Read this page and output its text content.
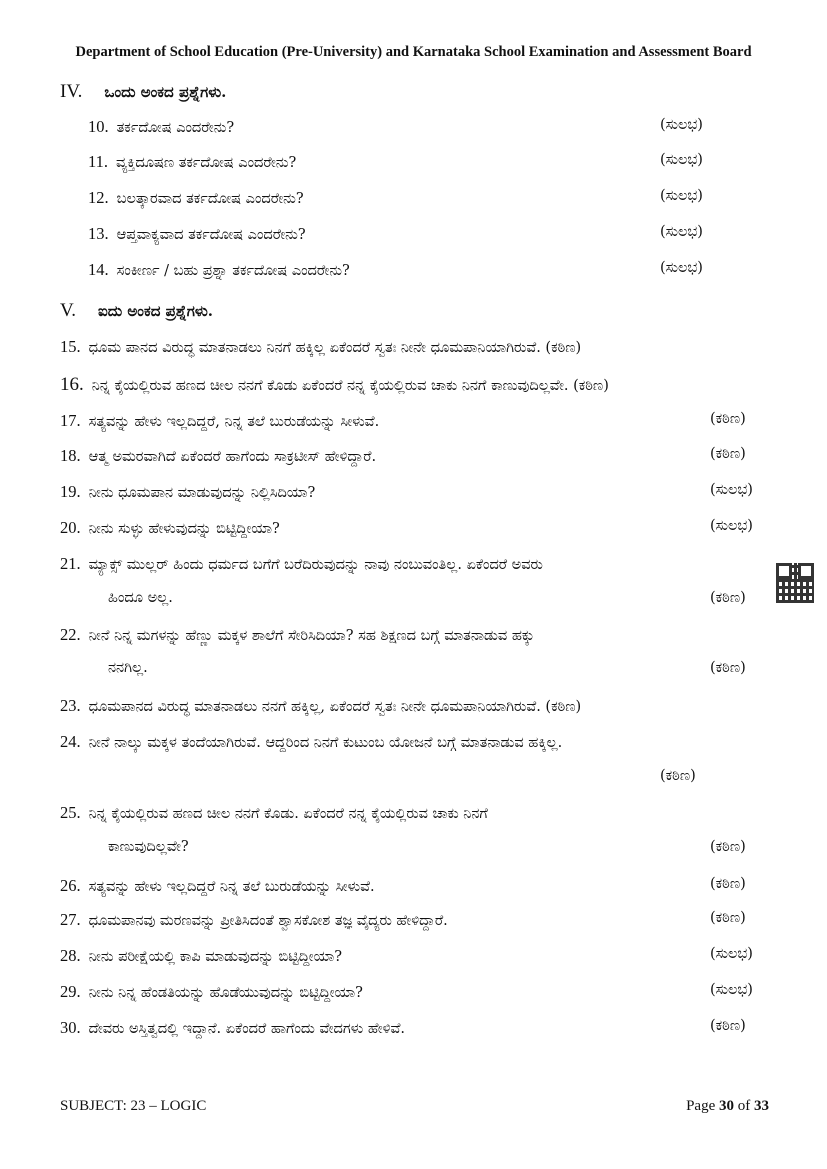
Department of School Education (Pre-University) and Karnataka School Examination and Assessment Board
IV. ಒಂದು ಅಂಕದ ಪ್ರಶ್ನೆಗಳು.
10. ತರ್ಕದೋಷ ಎಂದರೇನು?	(ಸುಲಭ)
11. ವ್ಯಕ್ತಿದೂಷಣ ತರ್ಕದೋಷ ಎಂದರೇನು?	(ಸುಲಭ)
12. ಬಲತ್ಕಾರವಾದ ತರ್ಕದೋಷ ಎಂದರೇನು?	(ಸುಲಭ)
13. ಆಪ್ತವಾಕ್ಯವಾದ ತರ್ಕದೋಷ ಎಂದರೇನು?	(ಸುಲಭ)
14. ಸಂಕೀರ್ಣ / ಬಹು ಪ್ರಶ್ನಾ ತರ್ಕದೋಷ ಎಂದರೇನು?	(ಸುಲಭ)
15. ಧೂಮ ಪಾನದ ವಿರುದ್ಧ ಮಾತನಾಡಲು ನಿನಗೆ ಹಕ್ಕಿಲ್ಲ ಏಕೆಂದರೆ ಸ್ವತಃ ನೀನೇ ಧೂಮಪಾನಿಯಾಗಿರುವೆ. (ಕಠಿಣ)
16. ನಿನ್ನ ಕೈಯಲ್ಲಿರುವ ಹಣದ ಚೀಲ ನನಗೆ ಕೊಡು ಏಕೆಂದರೆ ನನ್ನ ಕೈಯಲ್ಲಿರುವ ಚಾಕು ನಿನಗೆ ಕಾಣುವುದಿಲ್ಲವೇ. (ಕಠಿಣ)
17. ಸತ್ಯವನ್ನು ಹೇಳು ಇಲ್ಲದಿದ್ದರೆ, ನಿನ್ನ ತಲೆ ಬುರುಡೆಯನ್ನು ಸೀಳುವೆ.	(ಕಠಿಣ)
18. ಆತ್ಮ ಅಮರವಾಗಿದೆ ಏಕೆಂದರೆ ಹಾಗೆಂದು ಸಾಕ್ರಟೀಸ್ ಹೇಳಿದ್ದಾರೆ.	(ಕಠಿಣ)
19. ನೀನು ಧೂಮಪಾನ ಮಾಡುವುದನ್ನು ನಿಲ್ಲಿಸಿದಿಯಾ?	(ಸುಲಭ)
20. ನೀನು ಸುಳ್ಳು ಹೇಳುವುದನ್ನು ಬಿಟ್ಟಿದ್ದೀಯಾ?	(ಸುಲಭ)
21. ಮ್ಯಾಕ್ಸ್ ಮುಲ್ಲರ್ ಹಿಂದು ಧರ್ಮದ ಬಗೆಗೆ ಬರೆದಿರುವುದನ್ನು ನಾವು ನಂಬುವಂತಿಲ್ಲ. ಏಕೆಂದರೆ ಅವರು
ಹಿಂದೂ ಅಲ್ಲ.	(ಕಠಿಣ)
22. ನೀನೆ ನಿನ್ನ ಮಗಳನ್ನು ಹೆಣ್ಣು ಮಕ್ಕಳ ಶಾಲೆಗೆ ಸೇರಿಸಿದಿಯಾ? ಸಹ ಶಿಕ್ಷಣದ ಬಗ್ಗೆ ಮಾತನಾಡುವ ಹಕ್ಕು
ನನಗಿಲ್ಲ.	(ಕಠಿಣ)
23. ಧೂಮಪಾನದ ವಿರುದ್ಧ ಮಾತನಾಡಲು ನನಗೆ ಹಕ್ಕಿಲ್ಲ, ಏಕೆಂದರೆ ಸ್ವತಃ ನೀನೇ ಧೂಮಪಾನಿಯಾಗಿರುವೆ. (ಕಠಿಣ)
24. ನೀನೆ ನಾಲ್ಕು ಮಕ್ಕಳ ತಂದೆಯಾಗಿರುವೆ. ಆದ್ದರಿಂದ ನಿನಗೆ ಕುಟುಂಬ ಯೋಜನೆ ಬಗ್ಗೆ ಮಾತನಾಡುವ ಹಕ್ಕಿಲ್ಲ.
(ಕಠಿಣ)
25. ನಿನ್ನ ಕೈಯಲ್ಲಿರುವ ಹಣದ ಚೀಲ ನನಗೆ ಕೊಡು. ಏಕೆಂದರೆ ನನ್ನ ಕೈಯಲ್ಲಿರುವ ಚಾಕು ನಿನಗೆ
ಕಾಣುವುದಿಲ್ಲವೇ?	(ಕಠಿಣ)
26. ಸತ್ಯವನ್ನು ಹೇಳು ಇಲ್ಲದಿದ್ದರೆ ನಿನ್ನ ತಲೆ ಬುರುಡೆಯನ್ನು ಸೀಳುವೆ.	(ಕಠಿಣ)
27. ಧೂಮಪಾನವು ಮರಣವನ್ನು ಪ್ರೀತಿಸಿದಂತೆ ಶ್ವಾಸಕೋಶ ತಜ್ಞ ವೈದ್ಯರು ಹೇಳಿದ್ದಾರೆ.	(ಕಠಿಣ)
28. ನೀನು ಪರೀಕ್ಷೆಯಲ್ಲಿ ಕಾಪಿ ಮಾಡುವುದನ್ನು ಬಿಟ್ಟಿದ್ದೀಯಾ?	(ಸುಲಭ)
29. ನೀನು ನಿನ್ನ ಹೆಂಡತಿಯನ್ನು ಹೊಡೆಯುವುದನ್ನು ಬಿಟ್ಟಿದ್ದೀಯಾ?	(ಸುಲಭ)
30. ದೇವರು ಅಸ್ತಿತ್ವದಲ್ಲಿ ಇದ್ದಾನೆ. ಏಕೆಂದರೆ ಹಾಗೆಂದು ವೇದಗಳು ಹೇಳಿವೆ.	(ಕಠಿಣ)
V. ಐದು ಅಂಕದ ಪ್ರಶ್ನೆಗಳು.
SUBJECT: 23 – LOGIC	Page 30 of 33
